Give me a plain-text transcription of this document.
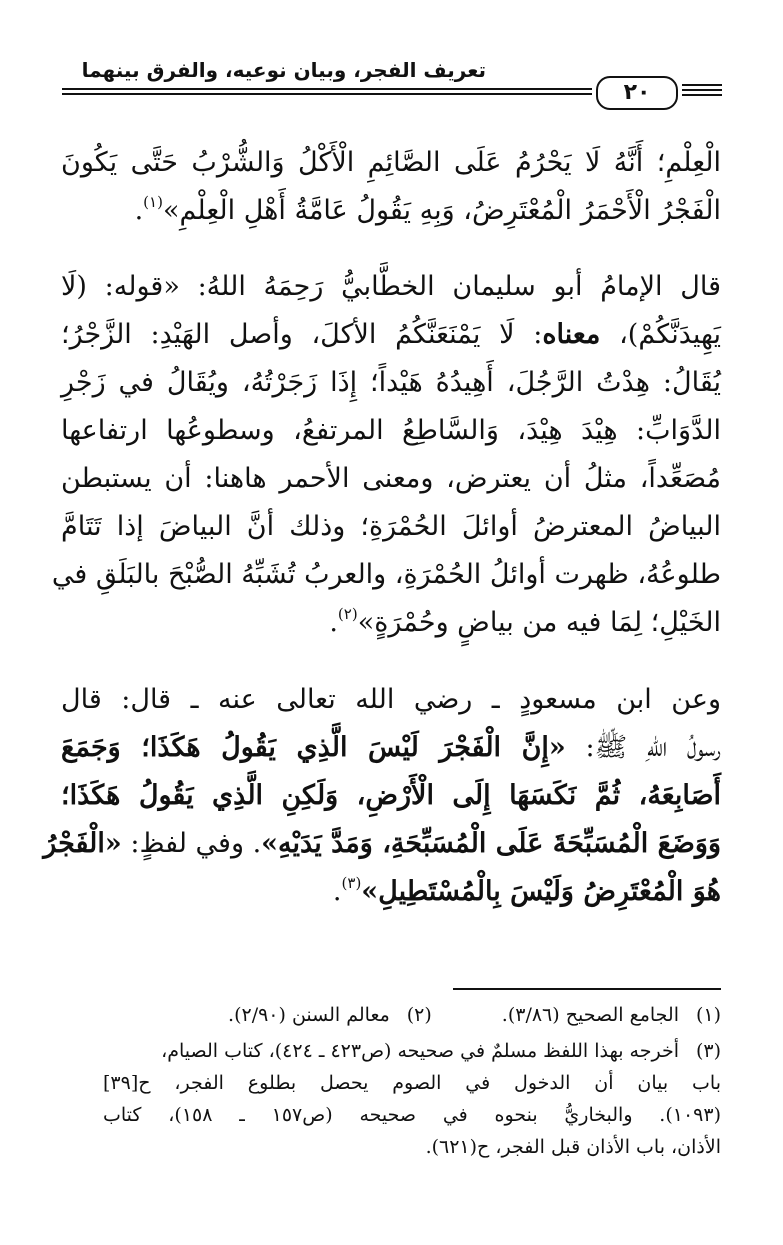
تعريف الفجر، وبيان نوعيه، والفرق بينهما
٢٠
الْعِلْمِ؛ أَنَّهُ لَا يَحْرُمُ عَلَى الصَّائِمِ الْأَكْلُ وَالشُّرْبُ حَتَّى يَكُونَ
الْفَجْرُ الْأَحْمَرُ الْمُعْتَرِضُ، وَبِهِ يَقُولُ عَامَّةُ أَهْلِ الْعِلْمِ»$^{(١)}$.
قال الإمامُ أبو سليمان الخطَّابيُّ رَحِمَهُ اللهُ: «قوله: (لَا
يَهِيدَنَّكُمْ)، معناه: لَا يَمْنَعَنَّكُمُ الأكلَ، وأصل الهَيْدِ: الزَّجْرُ؛
يُقَالُ: هِدْتُ الرَّجُلَ، أَهِيدُهُ هَيْداً؛ إِذَا زَجَرْتُهُ، ويُقَالُ في زَجْرِ
الدَّوَابِّ: هِيْدَ هِيْدَ، وَالسَّاطِعُ المرتفعُ، وسطوعُها ارتفاعها
مُصَعِّداً، مثلُ أن يعترض، ومعنى الأحمر هاهنا: أن يستبطن
البياضُ المعترضُ أوائلَ الحُمْرَةِ؛ وذلك أنَّ البياضَ إذا تَتَامَّ
طلوعُهُ، ظهرت أوائلُ الحُمْرَةِ، والعربُ تُشَبِّهُ الصُّبْحَ بالبَلَقِ في
الخَيْلِ؛ لِمَا فيه من بياضٍ وحُمْرَةٍ»$^{(٢)}$.
وعن ابن مسعودٍ ـ رضي الله تعالى عنه ـ قال: قال
رسولُ اللهِ ﷺ: «إِنَّ الْفَجْرَ لَيْسَ الَّذِي يَقُولُ هَكَذَا؛ وَجَمَعَ
أَصَابِعَهُ، ثُمَّ نَكَسَهَا إِلَى الْأَرْضِ، وَلَكِنِ الَّذِي يَقُولُ هَكَذَا؛
وَوَضَعَ الْمُسَبِّحَةَ عَلَى الْمُسَبِّحَةِ، وَمَدَّ يَدَيْهِ». وفي لفظٍ: «الْفَجْرُ
هُوَ الْمُعْتَرِضُ وَلَيْسَ بِالْمُسْتَطِيلِ»$^{(٣)}$.
(١)الجامع الصحيح (٣/٨٦).(٢)معالم السنن (٢/٩٠).
(٣)أخرجه بهذا اللفظ مسلمٌ في صحيحه (ص٤٢٣ ـ ٤٢٤)، كتاب الصيام،
باب بيان أن الدخول في الصوم يحصل بطلوع الفجر، ح[٣٩]
(١٠٩٣). والبخاريُّ بنحوه في صحيحه (ص١٥٧ ـ ١٥٨)، كتاب
الأذان، باب الأذان قبل الفجر، ح(٦٢١).
